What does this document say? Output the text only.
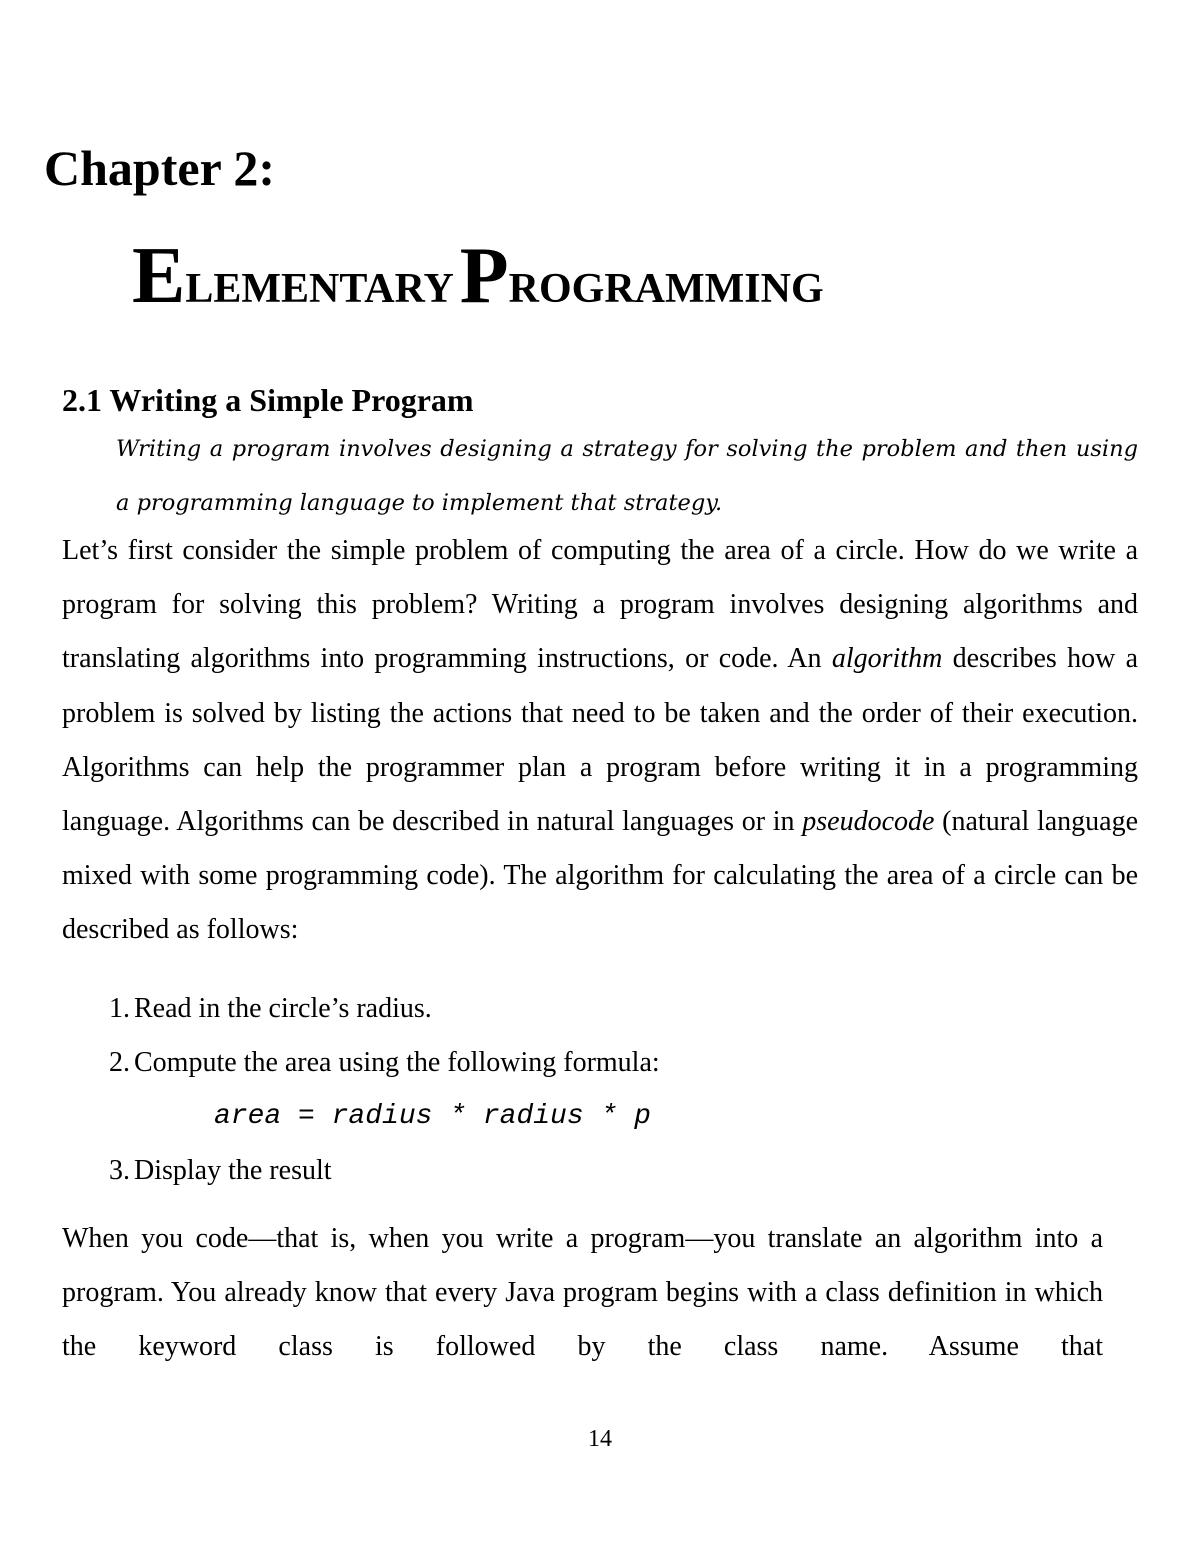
Chapter 2:
ELEMENTARY PROGRAMMING
2.1 Writing a Simple Program

Writing a program involves designing a strategy for solving the problem and then using a programming language to implement that strategy.

Let’s first consider the simple problem of computing the area of a circle. How do we write a program for solving this problem? Writing a program involves designing algorithms and translating algorithms into programming instructions, or code. An algorithm describes how a problem is solved by listing the actions that need to be taken and the order of their execution. Algorithms can help the programmer plan a program before writing it in a programming language. Algorithms can be described in natural languages or in pseudocode (natural language mixed with some programming code). The algorithm for calculating the area of a circle can be described as follows:

1. Read in the circle’s radius.
2. Compute the area using the following formula:
3. Display the result

area = radius * radius * p

When you code—that is, when you write a program—you translate an algorithm into a program. You already know that every Java program begins with a class definition in which the keyword class is followed by the class name. Assume that

14
